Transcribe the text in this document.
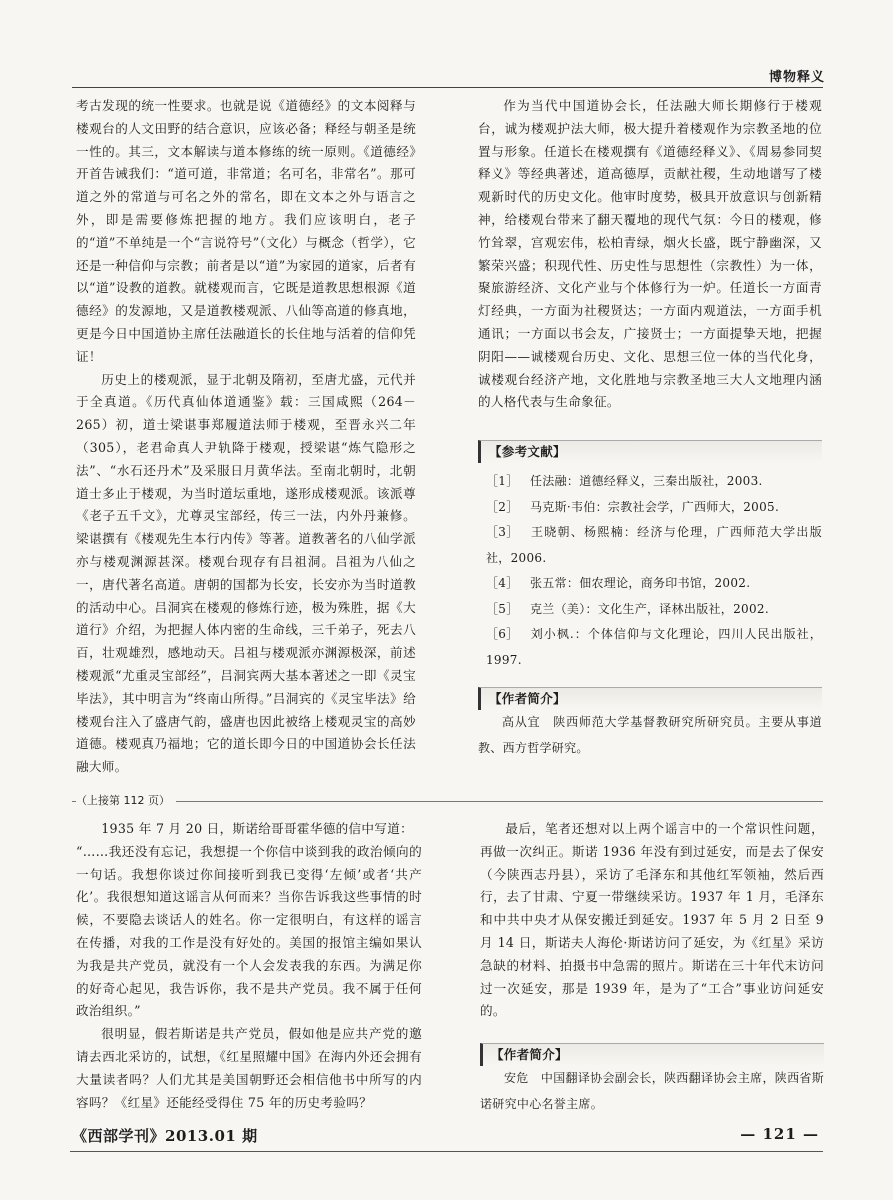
博物释义

考古发现的统一性要求。也就是说《道德经》的文本阅释与楼观台的人文田野的结合意识，应该必备；释经与朝圣是统一性的。其三，文本解读与道本修练的统一原则。《道德经》开首告诫我们：“道可道，非常道；名可名，非常名”。那可道之外的常道与可名之外的常名，即在文本之外与语言之外，即是需要修炼把握的地方。我们应该明白，老子的“道”不单纯是一个“言说符号”（文化）与概念（哲学），它还是一种信仰与宗教；前者是以“道”为家园的道家，后者有以“道”设教的道教。就楼观而言，它既是道教思想根源《道德经》的发源地，又是道教楼观派、八仙等高道的修真地，更是今日中国道协主席任法融道长的长住地与活着的信仰凭证！

历史上的楼观派，显于北朝及隋初，至唐尤盛，元代并于全真道。《历代真仙体道通鉴》载：三国咸熙（264－265）初，道士梁谌事郑履道法师于楼观，至晋永兴二年（305），老君命真人尹轨降于楼观，授梁谌“炼气隐形之法”、“水石还丹术”及采服日月黄华法。至南北朝时，北朝道士多止于楼观，为当时道坛重地，遂形成楼观派。该派尊《老子五千文》，尤尊灵宝部经，传三一法，内外丹兼修。梁谌撰有《楼观先生本行内传》等著。道教著名的八仙学派亦与楼观渊源甚深。楼观台现存有吕祖洞。吕祖为八仙之一，唐代著名高道。唐朝的国都为长安，长安亦为当时道教的活动中心。吕洞宾在楼观的修炼行迹，极为殊胜，据《大道行》介绍，为把握人体内密的生命线，三千弟子，死去八百，壮观雄烈，感地动天。吕祖与楼观派亦渊源极深，前述楼观派“尤重灵宝部经”，吕洞宾两大基本著述之一即《灵宝毕法》，其中明言为“终南山所得。”吕洞宾的《灵宝毕法》给楼观台注入了盛唐气韵，盛唐也因此被络上楼观灵宝的高妙道德。楼观真乃福地；它的道长即今日的中国道协会长任法融大师。

作为当代中国道协会长，任法融大师长期修行于楼观台，诚为楼观护法大师，极大提升着楼观作为宗教圣地的位置与形象。任道长在楼观撰有《道德经释义》、《周易参同契释义》等经典著述，道高德厚，贡献社稷，生动地谱写了楼观新时代的历史文化。他审时度势，极具开放意识与创新精神，给楼观台带来了翻天覆地的现代气氛：今日的楼观，修竹耸翠，宫观宏伟，松柏青绿，烟火长盛，既宁静幽深，又繁荣兴盛；积现代性、历史性与思想性（宗教性）为一体，聚旅游经济、文化产业与个体修行为一炉。任道长一方面青灯经典，一方面为社稷贤达；一方面内观道法，一方面手机通讯；一方面以书会友，广接贤士；一方面提挚天地，把握阴阳——诚楼观台历史、文化、思想三位一体的当代化身，诚楼观台经济产地，文化胜地与宗教圣地三大人文地理内涵的人格代表与生命象征。

【参考文献】
［1］ 任法融：道德经释义，三秦出版社，2003.
［2］ 马克斯·韦伯：宗教社会学，广西师大，2005.
［3］ 王晓朝、杨熙楠：经济与伦理，广西师范大学出版社，2006.
［4］ 张五常：佃农理论，商务印书馆，2002.
［5］ 克兰（美）：文化生产，译林出版社，2002.
［6］ 刘小枫.：个体信仰与文化理论，四川人民出版社，1997.
【作者简介】

高从宜　陕西师范大学基督教研究所研究员。主要从事道教、西方哲学研究。

（上接第 112 页）

1935 年 7 月 20 日，斯诺给哥哥霍华德的信中写道：

“……我还没有忘记，我想提一个你信中谈到我的政治倾向的一句话。我想你谈过你间接听到我已变得‘左倾’或者‘共产化’。我很想知道这谣言从何而来？当你告诉我这些事情的时候，不要隐去谈话人的姓名。你一定很明白，有这样的谣言在传播，对我的工作是没有好处的。美国的报馆主编如果认为我是共产党员，就没有一个人会发表我的东西。为满足你的好奇心起见，我告诉你，我不是共产党员。我不属于任何政治组织。”

很明显，假若斯诺是共产党员，假如他是应共产党的邀请去西北采访的，试想，《红星照耀中国》在海内外还会拥有大量读者吗？人们尤其是美国朝野还会相信他书中所写的内容吗？《红星》还能经受得住 75 年的历史考验吗？

最后，笔者还想对以上两个谣言中的一个常识性问题，再做一次纠正。斯诺 1936 年没有到过延安，而是去了保安（今陕西志丹县），采访了毛泽东和其他红军领袖，然后西行，去了甘肃、宁夏一带继续采访。1937 年 1 月，毛泽东和中共中央才从保安搬迁到延安。1937 年 5 月 2 日至 9 月 14 日，斯诺夫人海伦·斯诺访问了延安，为《红星》采访急缺的材料、拍摄书中急需的照片。斯诺在三十年代末访问过一次延安，那是 1939 年，是为了“工合”事业访问延安的。

【作者简介】

安危　中国翻译协会副会长，陕西翻译协会主席，陕西省斯诺研究中心名誉主席。

《西部学刊》2013.01 期	— 121 —
